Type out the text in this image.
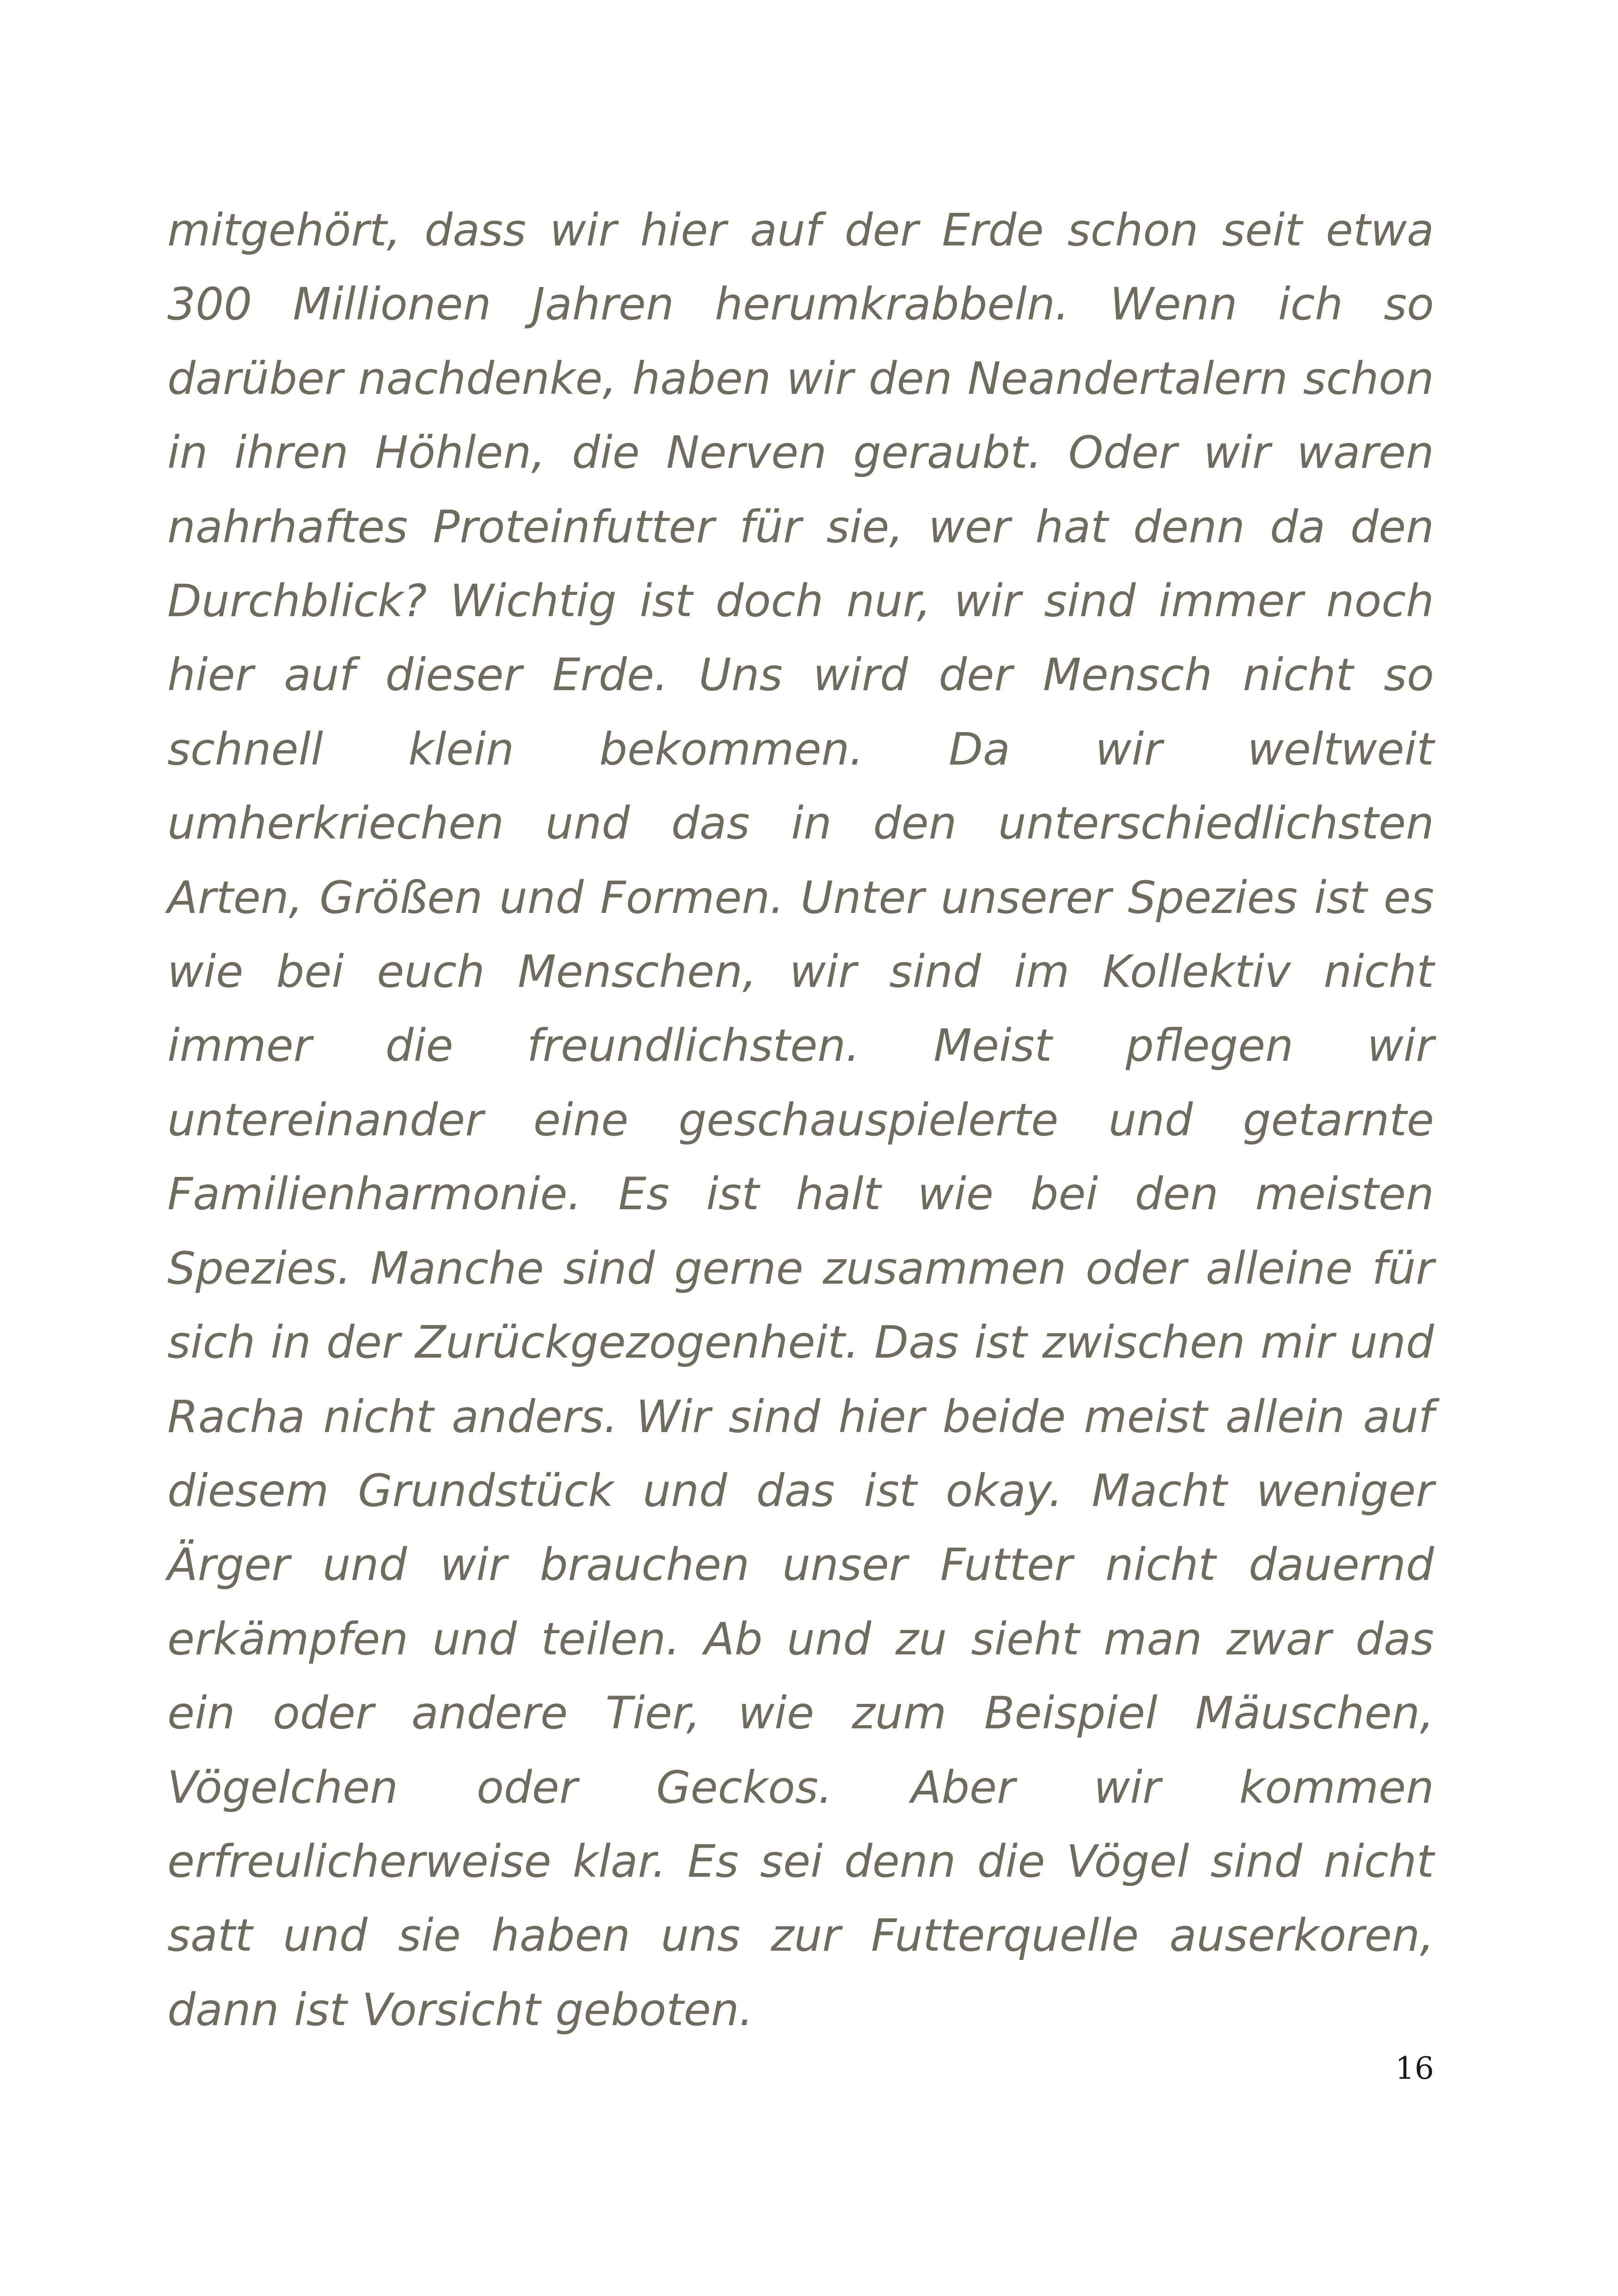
mitgehört, dass wir hier auf der Erde schon seit etwa 300 Millionen Jahren herumkrabbeln. Wenn ich so darüber nachdenke, haben wir den Neandertalern schon in ihren Höhlen, die Nerven geraubt. Oder wir waren nahrhaftes Proteinfutter für sie, wer hat denn da den Durchblick? Wichtig ist doch nur, wir sind immer noch hier auf dieser Erde. Uns wird der Mensch nicht so schnell klein bekommen. Da wir weltweit umherkriechen und das in den unterschiedlichsten Arten, Größen und Formen. Unter unserer Spezies ist es wie bei euch Menschen, wir sind im Kollektiv nicht immer die freundlichsten. Meist pflegen wir untereinander eine geschauspielerte und getarnte Familienharmonie. Es ist halt wie bei den meisten Spezies. Manche sind gerne zusammen oder alleine für sich in der Zurückgezogenheit. Das ist zwischen mir und Racha nicht anders. Wir sind hier beide meist allein auf diesem Grundstück und das ist okay. Macht weniger Ärger und wir brauchen unser Futter nicht dauernd erkämpfen und teilen. Ab und zu sieht man zwar das ein oder andere Tier, wie zum Beispiel Mäuschen, Vögelchen oder Geckos. Aber wir kommen erfreulicherweise klar. Es sei denn die Vögel sind nicht satt und sie haben uns zur Futterquelle auserkoren, dann ist Vorsicht geboten.

16
